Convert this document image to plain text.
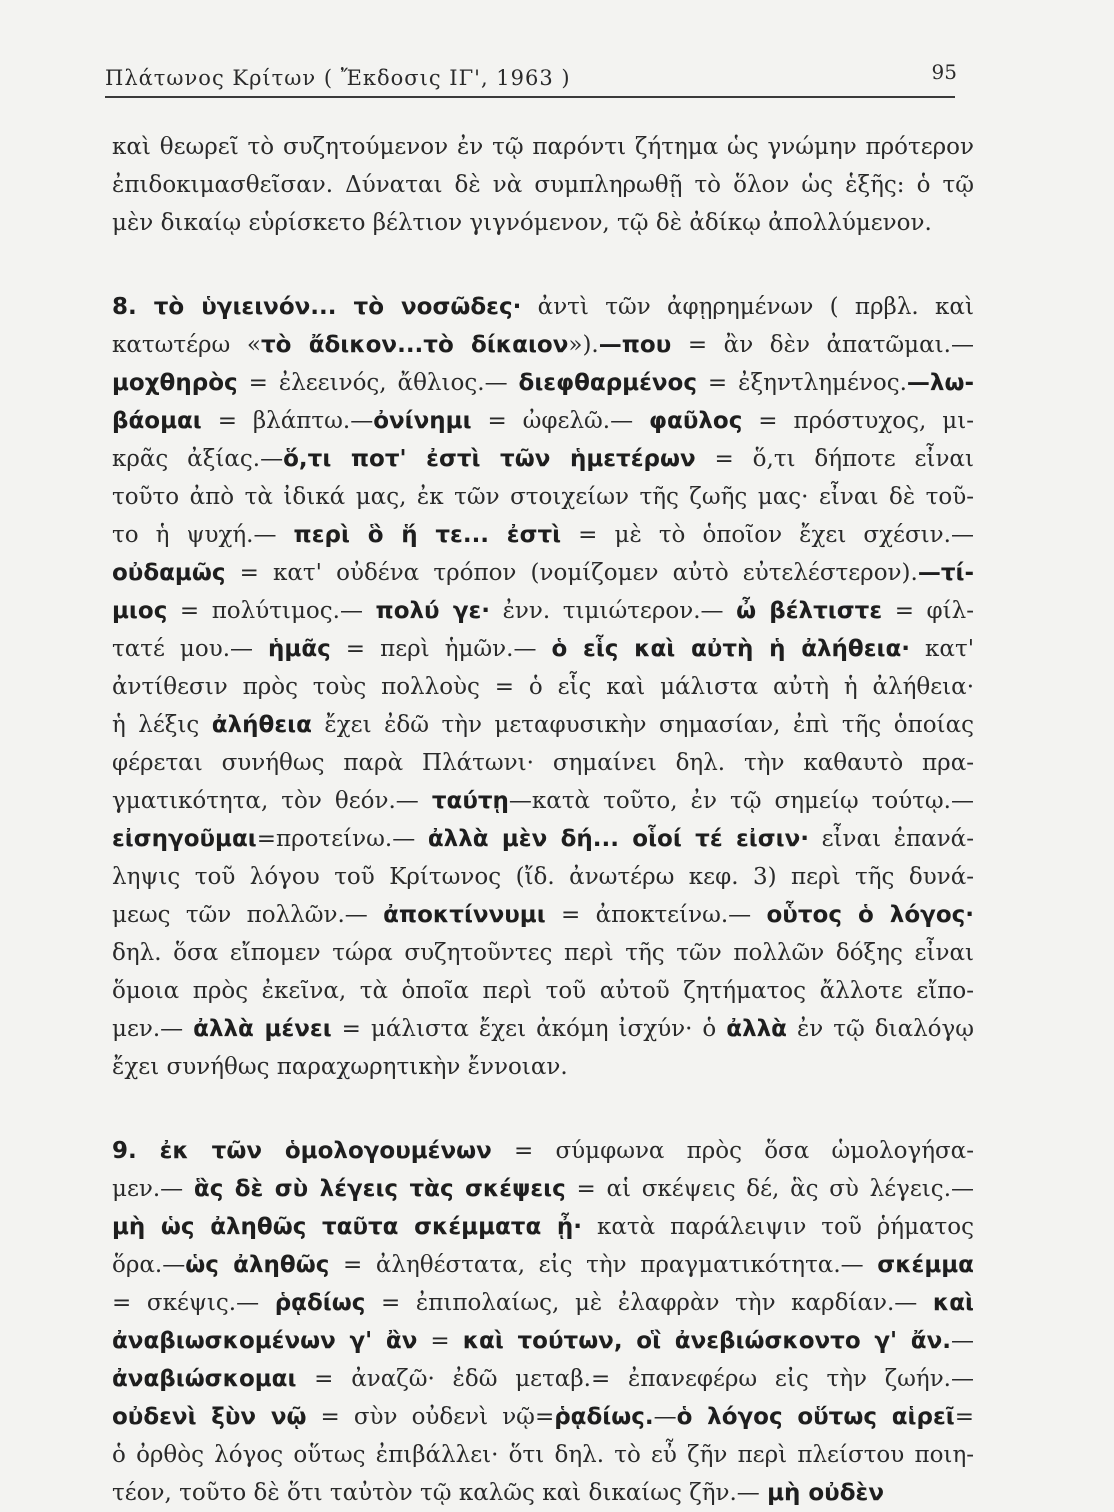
Πλάτωνος Κρίτων ( Ἔκδοσις ΙΓ', 1963 )	95

καὶ θεωρεῖ τὸ συζητούμενον ἐν τῷ παρόντι ζήτημα ὡς γνώμην πρότερον

ἐπιδοκιμασθεῖσαν. Δύναται δὲ νὰ συμπληρωθῇ τὸ ὅλον ὡς ἑξῆς: ὁ τῷ

μὲν δικαίῳ εὑρίσκετο βέλτιον γιγνόμενον, τῷ δὲ ἀδίκῳ ἀπολλύμενον.

8. τὸ ὑγιεινόν... τὸ νοσῶδες· ἀντὶ τῶν ἀφῃρημένων ( πρβλ. καὶ

κατωτέρω «τὸ ἄδικον...τὸ δίκαιον»).—που = ἂν δὲν ἀπατῶμαι.—

μοχθηρὸς = ἐλεεινός, ἄθλιος.— διεφθαρμένος = ἐξηντλημένος.—λω-

βάομαι = βλάπτω.—ὀνίνημι = ὠφελῶ.— φαῦλος = πρόστυχος, μι-

κρᾶς ἀξίας.—ὅ,τι ποτ' ἐστὶ τῶν ἡμετέρων = ὅ,τι δήποτε εἶναι

τοῦτο ἀπὸ τὰ ἰδικά μας, ἐκ τῶν στοιχείων τῆς ζωῆς μας· εἶναι δὲ τοῦ-

το ἡ ψυχή.— περὶ ὃ ἥ τε... ἐστὶ = μὲ τὸ ὁποῖον ἔχει σχέσιν.—

οὐδαμῶς = κατ' οὐδένα τρόπον (νομίζομεν αὐτὸ εὐτελέστερον).—τί-

μιος = πολύτιμος.— πολύ γε· ἐνν. τιμιώτερον.— ὦ βέλτιστε = φίλ-

τατέ μου.— ἡμᾶς = περὶ ἡμῶν.— ὁ εἷς καὶ αὐτὴ ἡ ἀλήθεια· κατ'

ἀντίθεσιν πρὸς τοὺς πολλοὺς = ὁ εἷς καὶ μάλιστα αὐτὴ ἡ ἀλήθεια·

ἡ λέξις ἀλήθεια ἔχει ἐδῶ τὴν μεταφυσικὴν σημασίαν, ἐπὶ τῆς ὁποίας

φέρεται συνήθως παρὰ Πλάτωνι· σημαίνει δηλ. τὴν καθαυτὸ πρα-

γματικότητα, τὸν θεόν.— ταύτῃ—κατὰ τοῦτο, ἐν τῷ σημείῳ τούτῳ.—

εἰσηγοῦμαι=προτείνω.— ἀλλὰ μὲν δή... οἷοί τέ εἰσιν· εἶναι ἐπανά-

ληψις τοῦ λόγου τοῦ Κρίτωνος (ἴδ. ἀνωτέρω κεφ. 3) περὶ τῆς δυνά-

μεως τῶν πολλῶν.— ἀποκτίννυμι = ἀποκτείνω.— οὗτος ὁ λόγος·

δηλ. ὅσα εἴπομεν τώρα συζητοῦντες περὶ τῆς τῶν πολλῶν δόξης εἶναι

ὅμοια πρὸς ἐκεῖνα, τὰ ὁποῖα περὶ τοῦ αὐτοῦ ζητήματος ἄλλοτε εἴπο-

μεν.— ἀλλὰ μένει = μάλιστα ἔχει ἀκόμη ἰσχύν· ὁ ἀλλὰ ἐν τῷ διαλόγῳ

ἔχει συνήθως παραχωρητικὴν ἔννοιαν.

9. ἐκ τῶν ὁμολογουμένων = σύμφωνα πρὸς ὅσα ὡμολογήσα-

μεν.— ἃς δὲ σὺ λέγεις τὰς σκέψεις = αἱ σκέψεις δέ, ἃς σὺ λέγεις.—

μὴ ὡς ἀληθῶς ταῦτα σκέμματα ᾖ· κατὰ παράλειψιν τοῦ ῥήματος

ὅρα.—ὡς ἀληθῶς = ἀληθέστατα, εἰς τὴν πραγματικότητα.— σκέμμα

= σκέψις.— ῥᾳδίως = ἐπιπολαίως, μὲ ἐλαφρὰν τὴν καρδίαν.— καὶ

ἀναβιωσκομένων γ' ἂν = καὶ τούτων, οἳ ἀνεβιώσκοντο γ' ἄν.—

ἀναβιώσκομαι = ἀναζῶ· ἐδῶ μεταβ.= ἐπανεφέρω εἰς τὴν ζωήν.—

οὐδενὶ ξὺν νῷ = σὺν οὐδενὶ νῷ=ῥᾳδίως.—ὁ λόγος οὕτως αἱρεῖ=

ὁ ὀρθὸς λόγος οὕτως ἐπιβάλλει· ὅτι δηλ. τὸ εὖ ζῆν περὶ πλείστου ποιη-

τέον, τοῦτο δὲ ὅτι ταὐτὸν τῷ καλῶς καὶ δικαίως ζῆν.— μὴ οὐδὲν
